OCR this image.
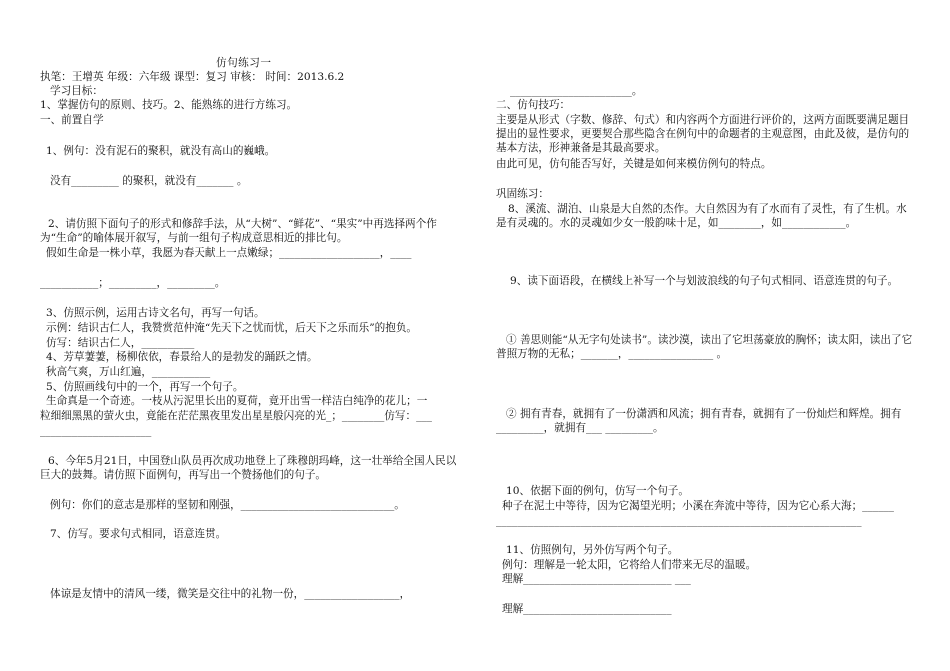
仿句练习一
执笔：王增英 年级：六年级 课型：复习 审核： 时间：2013.6.2
学习目标：
1、掌握仿句的原则、技巧。2、能熟练的进行方练习。
一、前置自学
1、例句：没有泥石的聚积，就没有高山的巍峨。
没有_________ 的聚积，就没有_______ 。
2、请仿照下面句子的形式和修辞手法，从“大树”、“鲜花”、“果实”中再选择两个作为“生命”的喻体展开叙写，与前一组句子构成意思相近的排比句。
假如生命是一株小草，我愿为春天献上一点嫩绿；___________________，____
___________；_________，_________。
3、仿照示例，运用古诗文名句，再写一句话。
示例：结识古仁人，我赞赏范仲淹“先天下之忧而忧，后天下之乐而乐”的抱负。
仿写：结识古仁人，__________
4、芳草萋萋，杨柳依依，春景给人的是勃发的踊跃之情。
秋高气爽，万山红遍，___________
5、仿照画线句中的一个，再写一个句子。
生命真是一个奇迹。一枝从污泥里长出的夏荷，竟开出雪一样洁白纯净的花儿；一
粒细细黑黑的萤火虫，竟能在茫茫黑夜里发出星星般闪亮的光_；________仿写：___
_____________________
6、今年5月21日，中国登山队员再次成功地登上了珠穆朗玛峰，这一壮举给全国人民以巨大的鼓舞。请仿照下面例句，再写出一个赞扬他们的句子。
例句：你们的意志是那样的坚韧和刚强，_____________________________。
7、仿写。要求句式相同，语意连贯。
体谅是友情中的清风一缕，微笑是交往中的礼物一份，__________________，
_______________________。
二、仿句技巧：
主要是从形式（字数、修辞、句式）和内容两个方面进行评价的，这两方面既要满足题目提出的显性要求，更要契合那些隐含在例句中的命题者的主观意图，由此及彼，是仿句的基本方法，形神兼备是其最高要求。
由此可见，仿句能否写好，关键是如何来模仿例句的特点。
巩固练习：
8、溪流、湖泊、山泉是大自然的杰作。大自然因为有了水而有了灵性，有了生机。水是有灵魂的。水的灵魂如少女一般韵味十足，如________，如____________。
9、读下面语段，在横线上补写一个与划波浪线的句子句式相同、语意连贯的句子。
① 善思则能“从无字句处读书”。读沙漠，读出了它坦荡豪放的胸怀；读太阳，读出了它普照万物的无私；_______，________________ 。
② 拥有青春，就拥有了一份潇洒和风流；拥有青春，就拥有了一份灿烂和辉煌。拥有_________，就拥有___ _________。
10、依据下面的例句，仿写一个句子。
种子在泥土中等待，因为它渴望光明；小溪在奔流中等待，因为它心系大海；______
_____________________________________________________________________
11、仿照例句，另外仿写两个句子。
例句：理解是一轮太阳，它将给人们带来无尽的温暖。
理解____________________________ ___
理解____________________________
